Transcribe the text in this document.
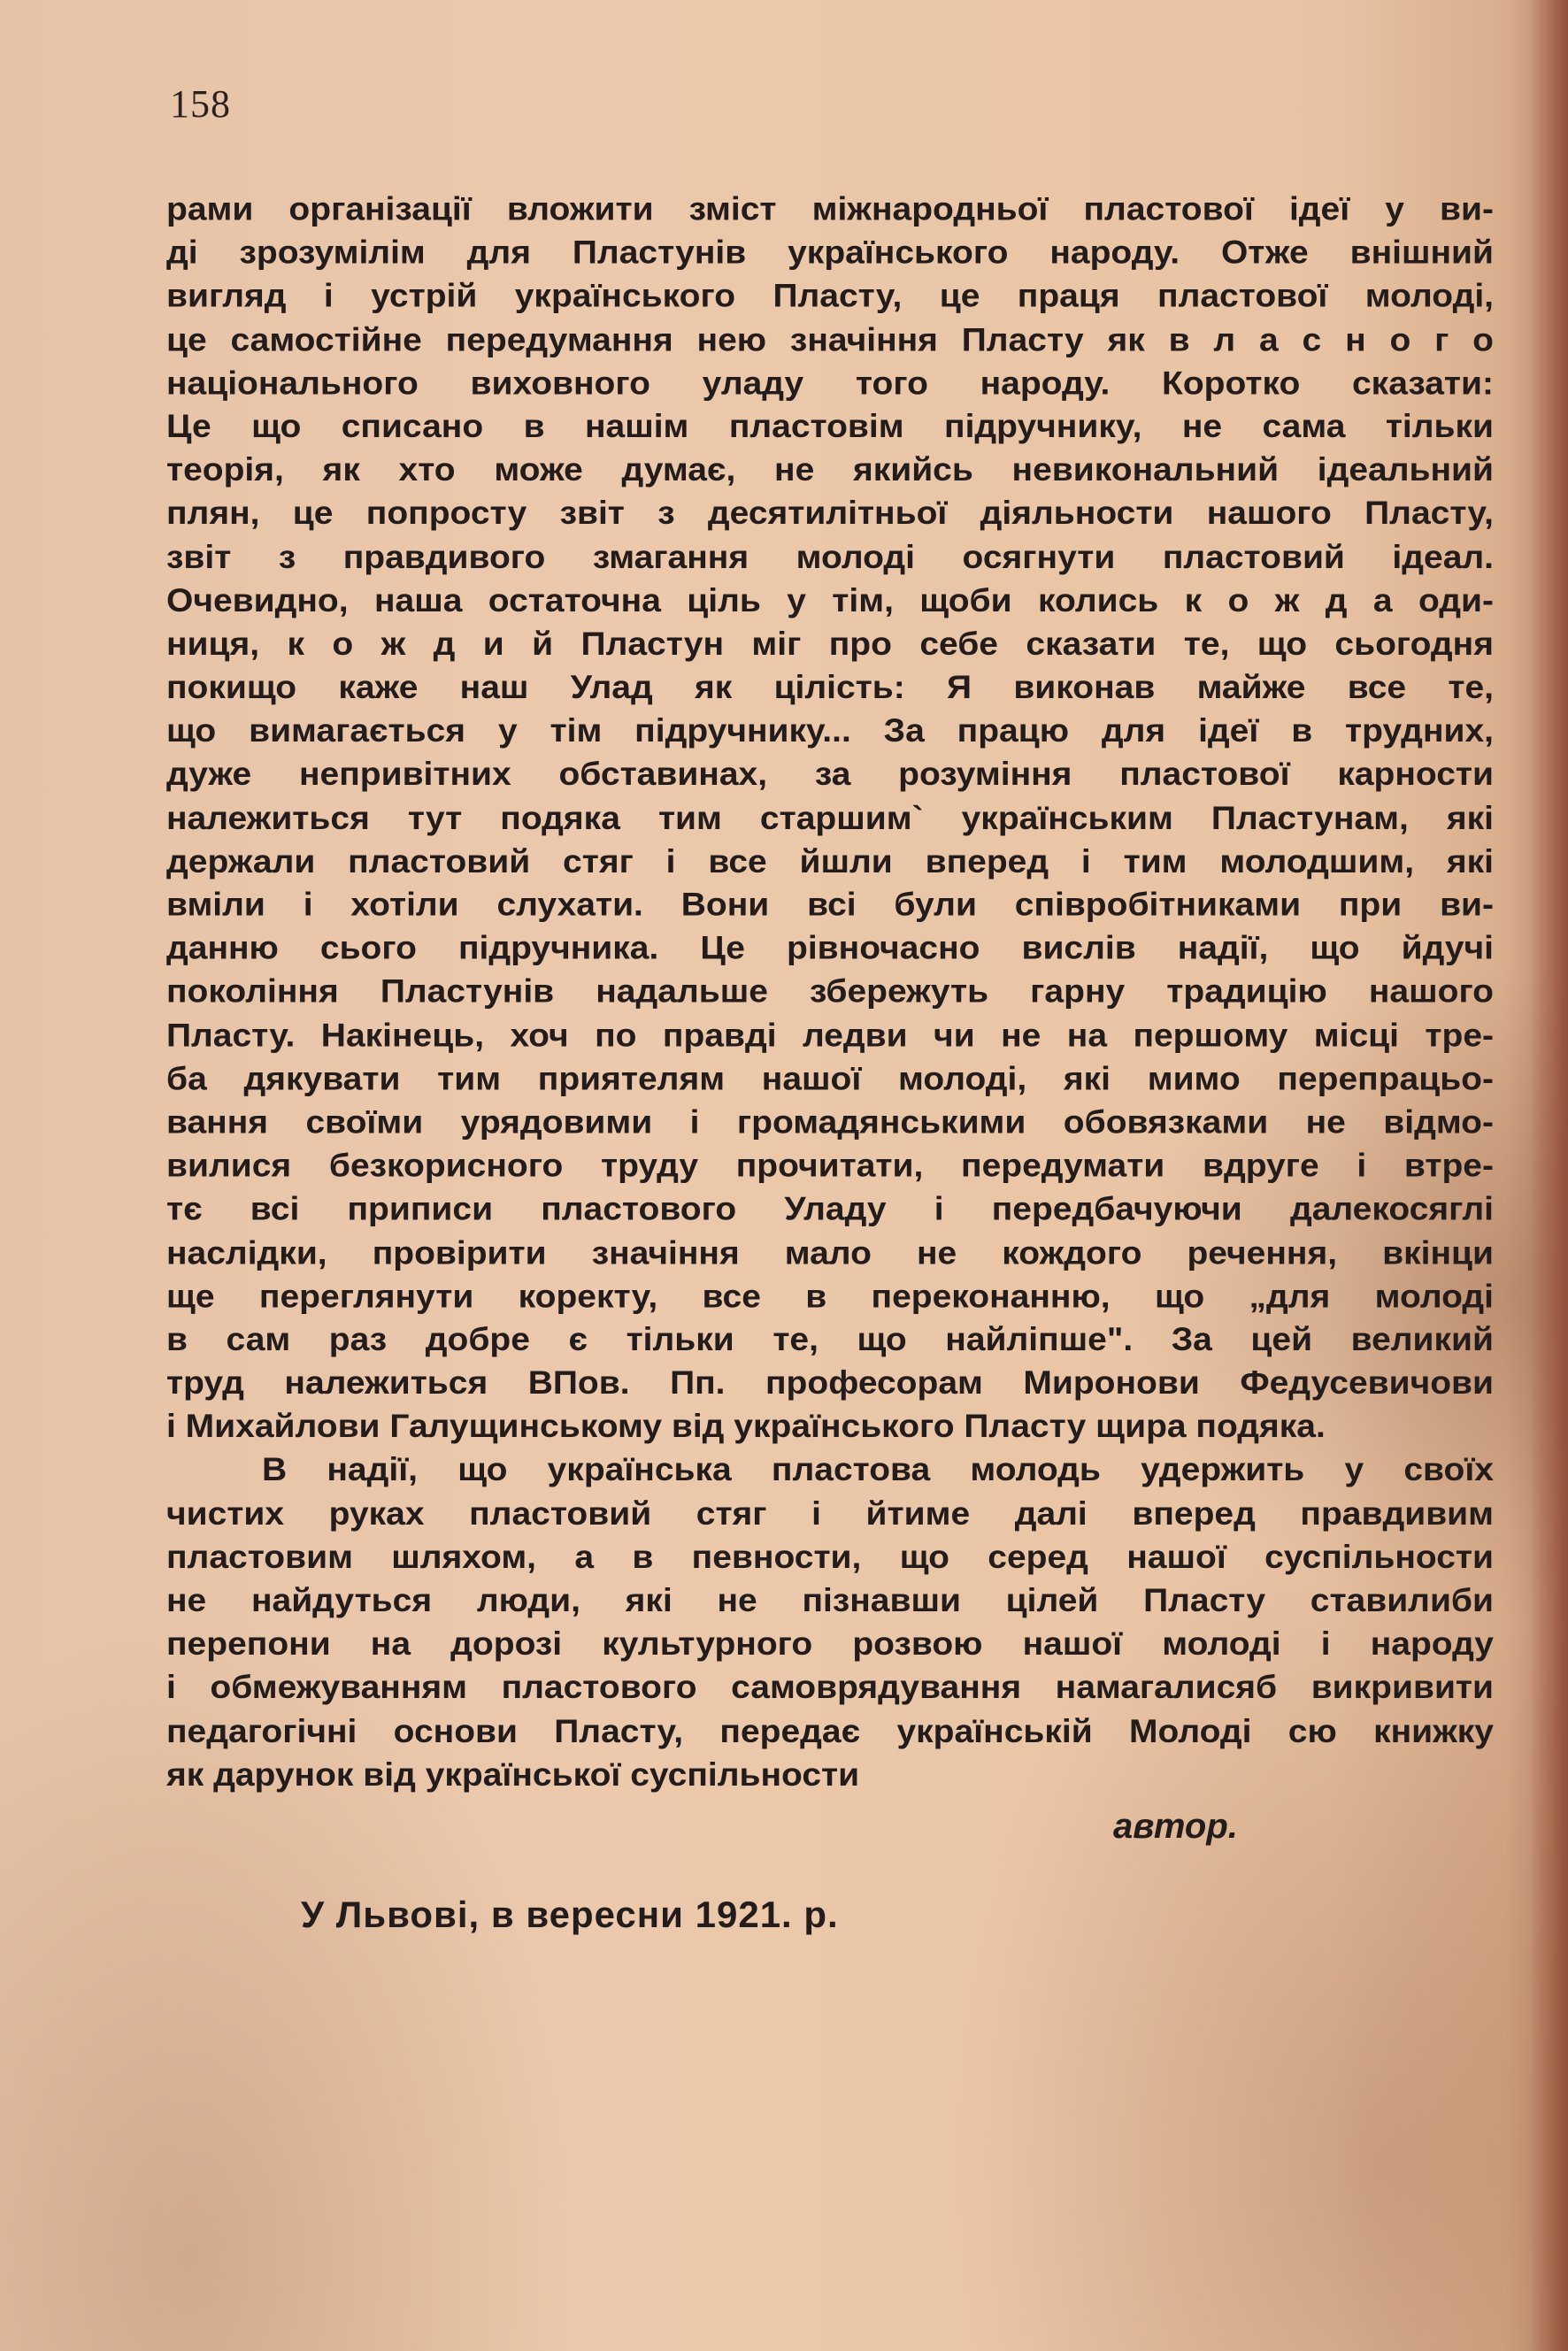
158
рами організації вложити зміст міжнародньої пластової ідеї у ви-
ді зрозумілім для Пластунів українського народу. Отже внішний
вигляд і устрій українського Пласту, це праця пластової молоді,
це самостійне передумання нею значіння Пласту як в л а с н о г о
національного виховного уладу того народу. Коротко сказати:
Це що списано в нашім пластовім підручнику, не сама тільки
теорія, як хто може думає, не якийсь невикональний ідеальний
плян, це попросту звіт з десятилітньої діяльности нашого Пласту,
звіт з правдивого змагання молоді осягнути пластовий ідеал.
Очевидно, наша остаточна ціль у тім, щоби колись к о ж д а оди-
ниця, к о ж д и й Пластун міг про себе сказати те, що сьогодня
покищо каже наш Улад як цілість: Я виконав майже все те,
що вимагається у тім підручнику... За працю для ідеї в трудних,
дуже непривітних обставинах, за розуміння пластової карности
належиться тут подяка тим старшим` українським Пластунам, які
держали пластовий стяг і все йшли вперед і тим молодшим, які
вміли і хотіли слухати. Вони всі були співробітниками при ви-
данню сього підручника. Це рівночасно вислів надії, що йдучі
покоління Пластунів надальше збережуть гарну традицію нашого
Пласту. Накінець, хоч по правді ледви чи не на першому місці тре-
ба дякувати тим приятелям нашої молоді, які мимо перепрацьо-
вання своїми урядовими і громадянськими обовязками не відмо-
вилися безкорисного труду прочитати, передумати вдруге і втре-
тє всі приписи пластового Уладу і передбачуючи далекосяглі
наслідки, провірити значіння мало не кождого речення, вкінци
ще переглянути коректу, все в переконанню, що „для молоді
в сам раз добре є тільки те, що найліпше". За цей великий
труд належиться ВПов. Пп. професорам Миронови Федусевичови
і Михайлови Галущинському від українського Пласту щира подяка.
В надії, що українська пластова молодь удержить у своїх
чистих руках пластовий стяг і йтиме далі вперед правдивим
пластовим шляхом, а в певности, що серед нашої суспільности
не найдуться люди, які не пізнавши цілей Пласту ставилиби
перепони на дорозі культурного розвою нашої молоді і народу
і обмежуванням пластового самоврядування намагалисяб викривити
педагогічні основи Пласту, передає українській Молоді сю книжку
як дарунок від української суспільности
автор.
У Львові, в вересни 1921. р.
